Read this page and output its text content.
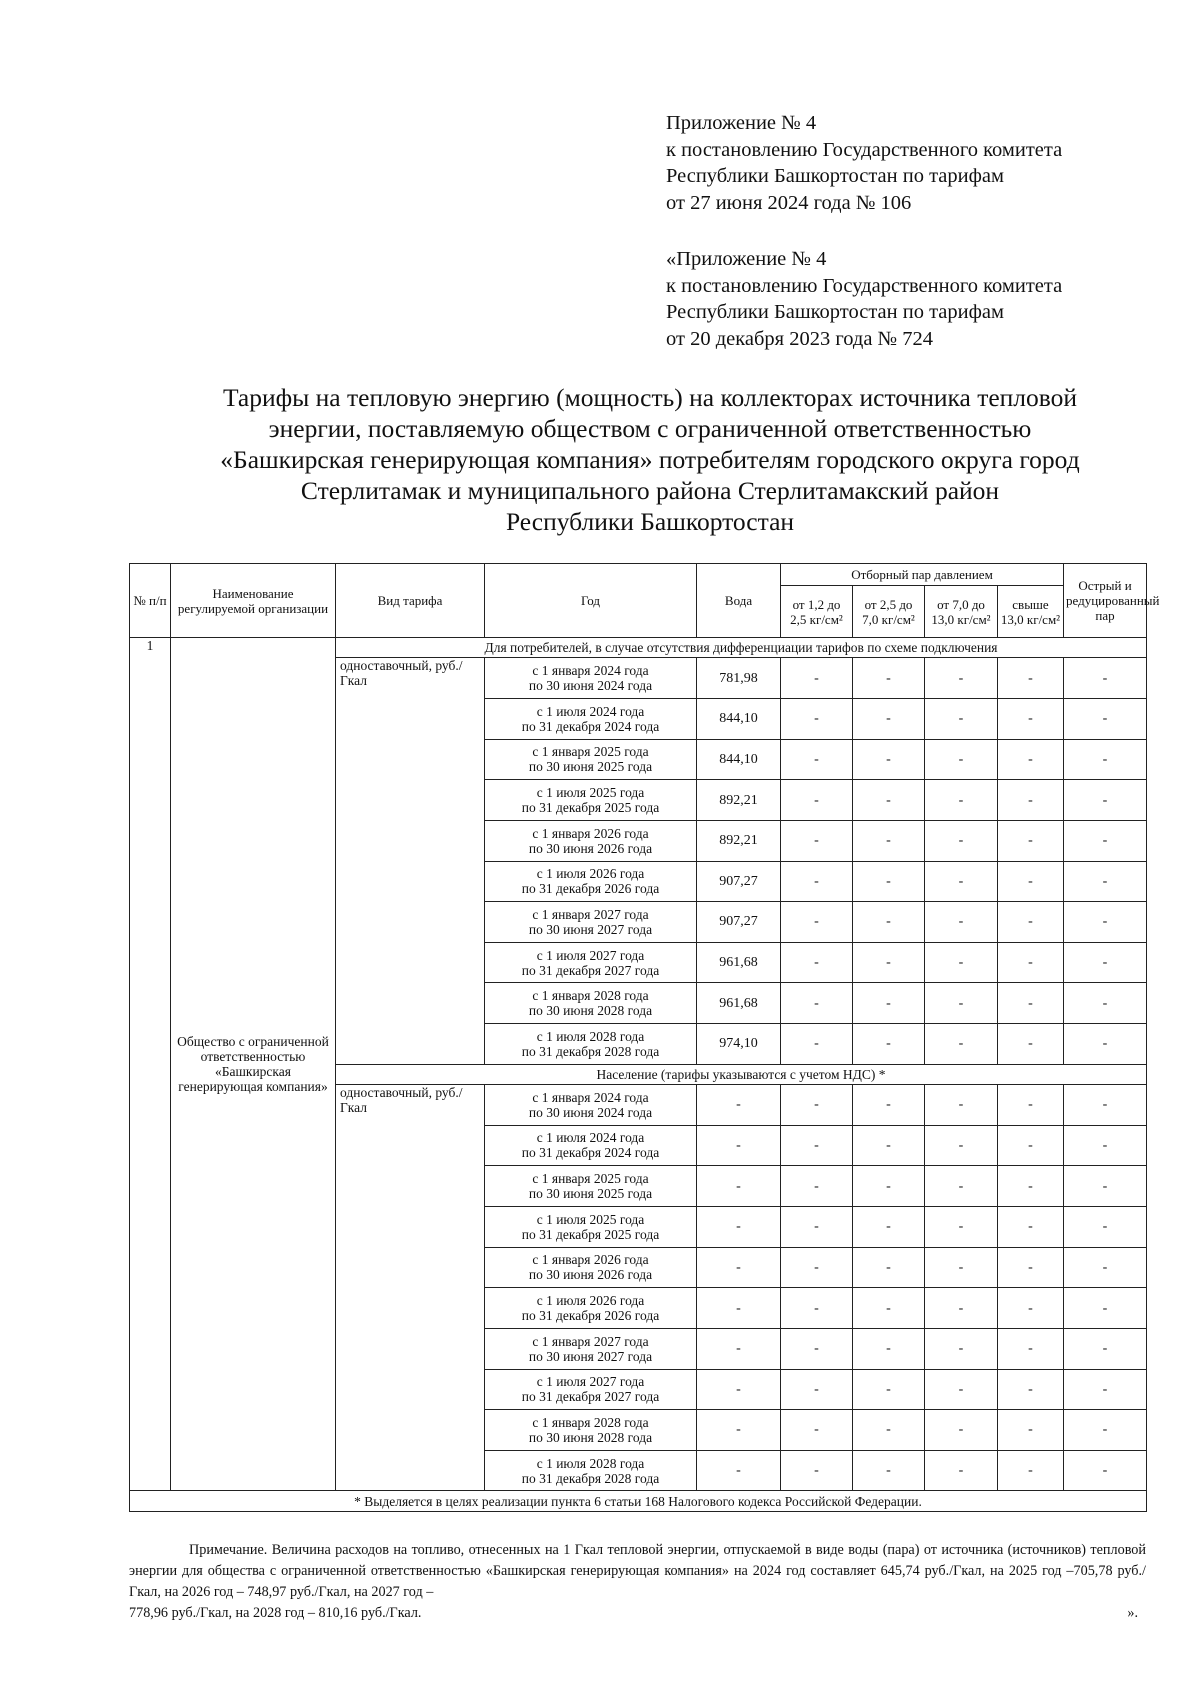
Приложение № 4
к постановлению Государственного комитета
Республики Башкортостан по тарифам
от 27 июня 2024 года № 106
«Приложение № 4
к постановлению Государственного комитета
Республики Башкортостан по тарифам
от 20 декабря 2023 года № 724
Тарифы на тепловую энергию (мощность) на коллекторах источника тепловой
энергии, поставляемую обществом с ограниченной ответственностью
«Башкирская генерирующая компания» потребителям городского округа город
Стерлитамак и муниципального района Стерлитамакский район
Республики Башкортостан
№ п/п	Наименование регулируемой организации	Вид тарифа	Год	Вода	Отборный пар давлением				Острый и редуцированный пар
					от 1,2 до 2,5 кг/см²	от 2,5 до 7,0 кг/см²	от 7,0 до 13,0 кг/см²	свыше 13,0 кг/см²	
1	Общество с ограниченной ответственностью «Башкирская генерирующая компания»	Для потребителей, в случае отсутствия дифференциации тарифов по схеме подключения							
		одноставочный, руб./Гкал	с 1 января 2024 года
по 30 июня 2024 года	781,98	-	-	-	-	-

			с 1 июля 2024 года
по 31 декабря 2024 года	844,10	-	-	-	-	-

			с 1 января 2025 года
по 30 июня 2025 года	844,10	-	-	-	-	-

			с 1 июля 2025 года
по 31 декабря 2025 года	892,21	-	-	-	-	-

			с 1 января 2026 года
по 30 июня 2026 года	892,21	-	-	-	-	-

			с 1 июля 2026 года
по 31 декабря 2026 года	907,27	-	-	-	-	-

			с 1 января 2027 года
по 30 июня 2027 года	907,27	-	-	-	-	-

			с 1 июля 2027 года
по 31 декабря 2027 года	961,68	-	-	-	-	-

			с 1 января 2028 года
по 30 июня 2028 года	961,68	-	-	-	-	-

			с 1 июля 2028 года
по 31 декабря 2028 года	974,10	-	-	-	-	-
		Население (тарифы указываются с учетом НДС) *							
		одноставочный, руб./Гкал	с 1 января 2024 года
по 30 июня 2024 года	-	-	-	-	-	-

			с 1 июля 2024 года
по 31 декабря 2024 года	-	-	-	-	-	-

			с 1 января 2025 года
по 30 июня 2025 года	-	-	-	-	-	-

			с 1 июля 2025 года
по 31 декабря 2025 года	-	-	-	-	-	-

			с 1 января 2026 года
по 30 июня 2026 года	-	-	-	-	-	-

			с 1 июля 2026 года
по 31 декабря 2026 года	-	-	-	-	-	-

			с 1 января 2027 года
по 30 июня 2027 года	-	-	-	-	-	-

			с 1 июля 2027 года
по 31 декабря 2027 года	-	-	-	-	-	-

			с 1 января 2028 года
по 30 июня 2028 года	-	-	-	-	-	-

			с 1 июля 2028 года
по 31 декабря 2028 года	-	-	-	-	-	-
* Выделяется в целях реализации пункта 6 статьи 168 Налогового кодекса Российской Федерации.									
Примечание. Величина расходов на топливо, отнесенных на 1 Гкал тепловой энергии, отпускаемой в виде воды (пара) от источника (источников) тепловой энергии для общества с ограниченной ответственностью «Башкирская генерирующая компания» на 2024 год составляет 645,74 руб./Гкал, на 2025 год –705,78 руб./Гкал, на 2026 год – 748,97 руб./Гкал, на 2027 год –
778,96 руб./Гкал, на 2028 год – 810,16 руб./Гкал.	».
